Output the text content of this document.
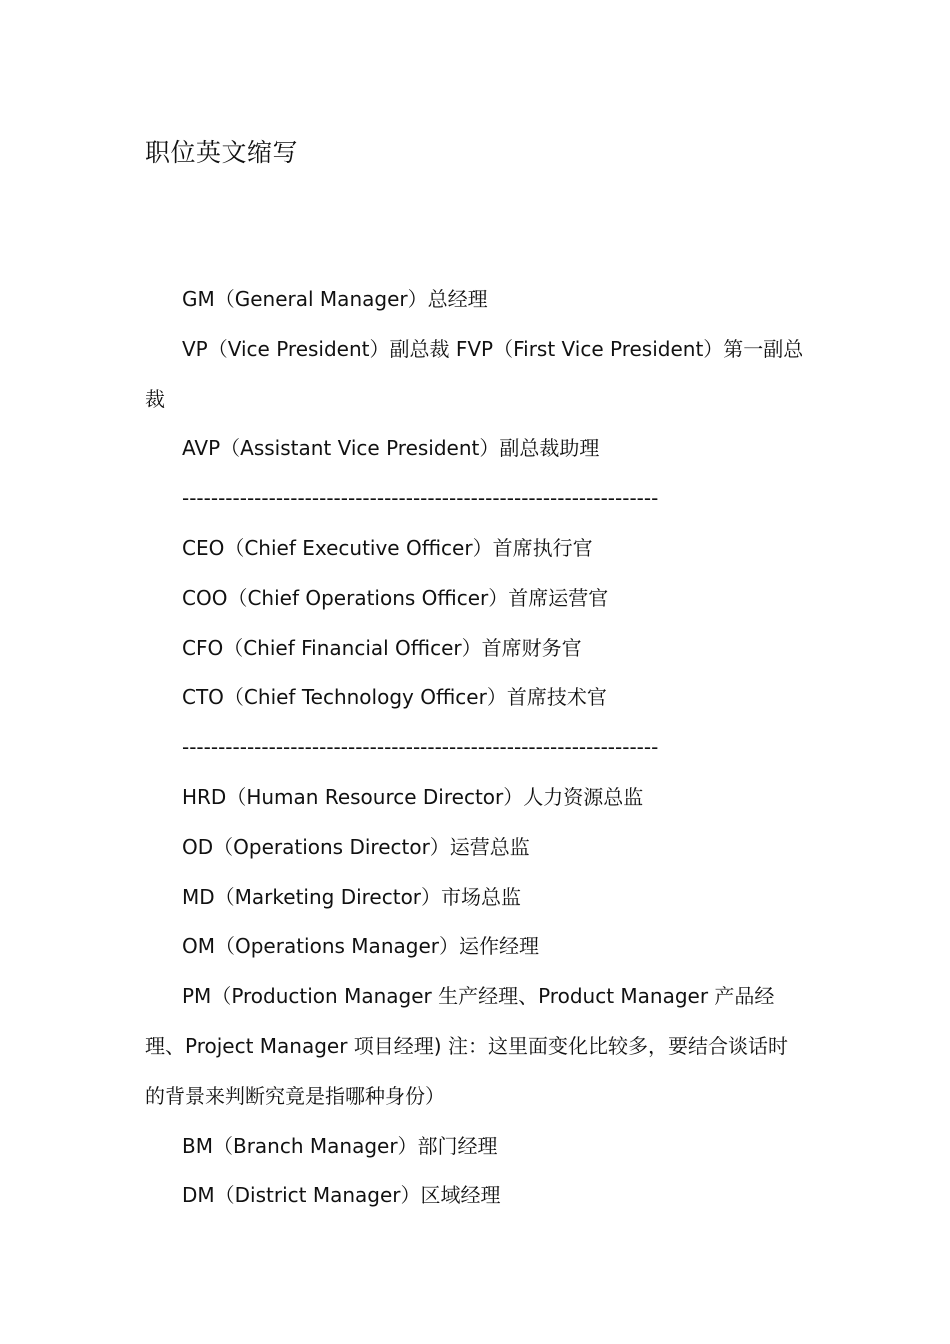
职位英文缩写

GM（General Manager）总经理

VP（Vice President）副总裁 FVP（First Vice President）第一副总裁

AVP（Assistant Vice President）副总裁助理

------------------------------------------------------------------

CEO（Chief Executive Officer）首席执行官

COO（Chief Operations Officer）首席运营官

CFO（Chief Financial Officer）首席财务官

CTO（Chief Technology Officer）首席技术官

------------------------------------------------------------------

HRD（Human Resource Director）人力资源总监

OD（Operations Director）运营总监

MD（Marketing Director）市场总监

OM（Operations Manager）运作经理

PM（Production Manager 生产经理、Product Manager 产品经理、Project Manager 项目经理) 注：这里面变化比较多，要结合谈话时的背景来判断究竟是指哪种身份）

BM（Branch Manager）部门经理

DM（District Manager）区域经理
